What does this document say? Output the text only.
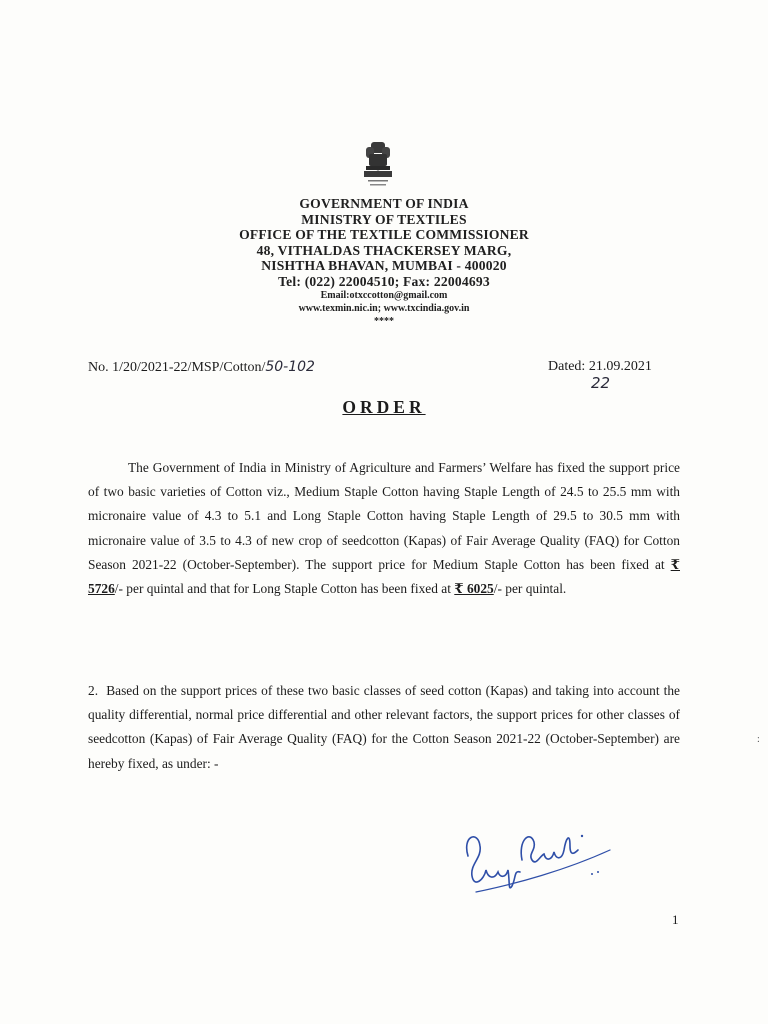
GOVERNMENT OF INDIA
MINISTRY OF TEXTILES
OFFICE OF THE TEXTILE COMMISSIONER
48, VITHALDAS THACKERSEY MARG,
NISHTHA BHAVAN, MUMBAI - 400020
Tel: (022) 22004510; Fax: 22004693
Email:otxccotton@gmail.com
www.texmin.nic.in; www.txcindia.gov.in
****
No. 1/20/2021-22/MSP/Cotton/50-102	Dated: 21.09.2021
22
ORDER
The Government of India in Ministry of Agriculture and Farmers’ Welfare has fixed the support price of two basic varieties of Cotton viz., Medium Staple Cotton having Staple Length of 24.5 to 25.5 mm with micronaire value of 4.3 to 5.1 and Long Staple Cotton having Staple Length of 29.5 to 30.5 mm with micronaire value of 3.5 to 4.3 of new crop of seedcotton (Kapas) of Fair Average Quality (FAQ) for Cotton Season 2021-22 (October-September). The support price for Medium Staple Cotton has been fixed at ₹ 5726/- per quintal and that for Long Staple Cotton has been fixed at ₹ 6025/- per quintal.
2. Based on the support prices of these two basic classes of seed cotton (Kapas) and taking into account the quality differential, normal price differential and other relevant factors, the support prices for other classes of seedcotton (Kapas) of Fair Average Quality (FAQ) for the Cotton Season 2021-22 (October-September) are hereby fixed, as under: -
1
:
